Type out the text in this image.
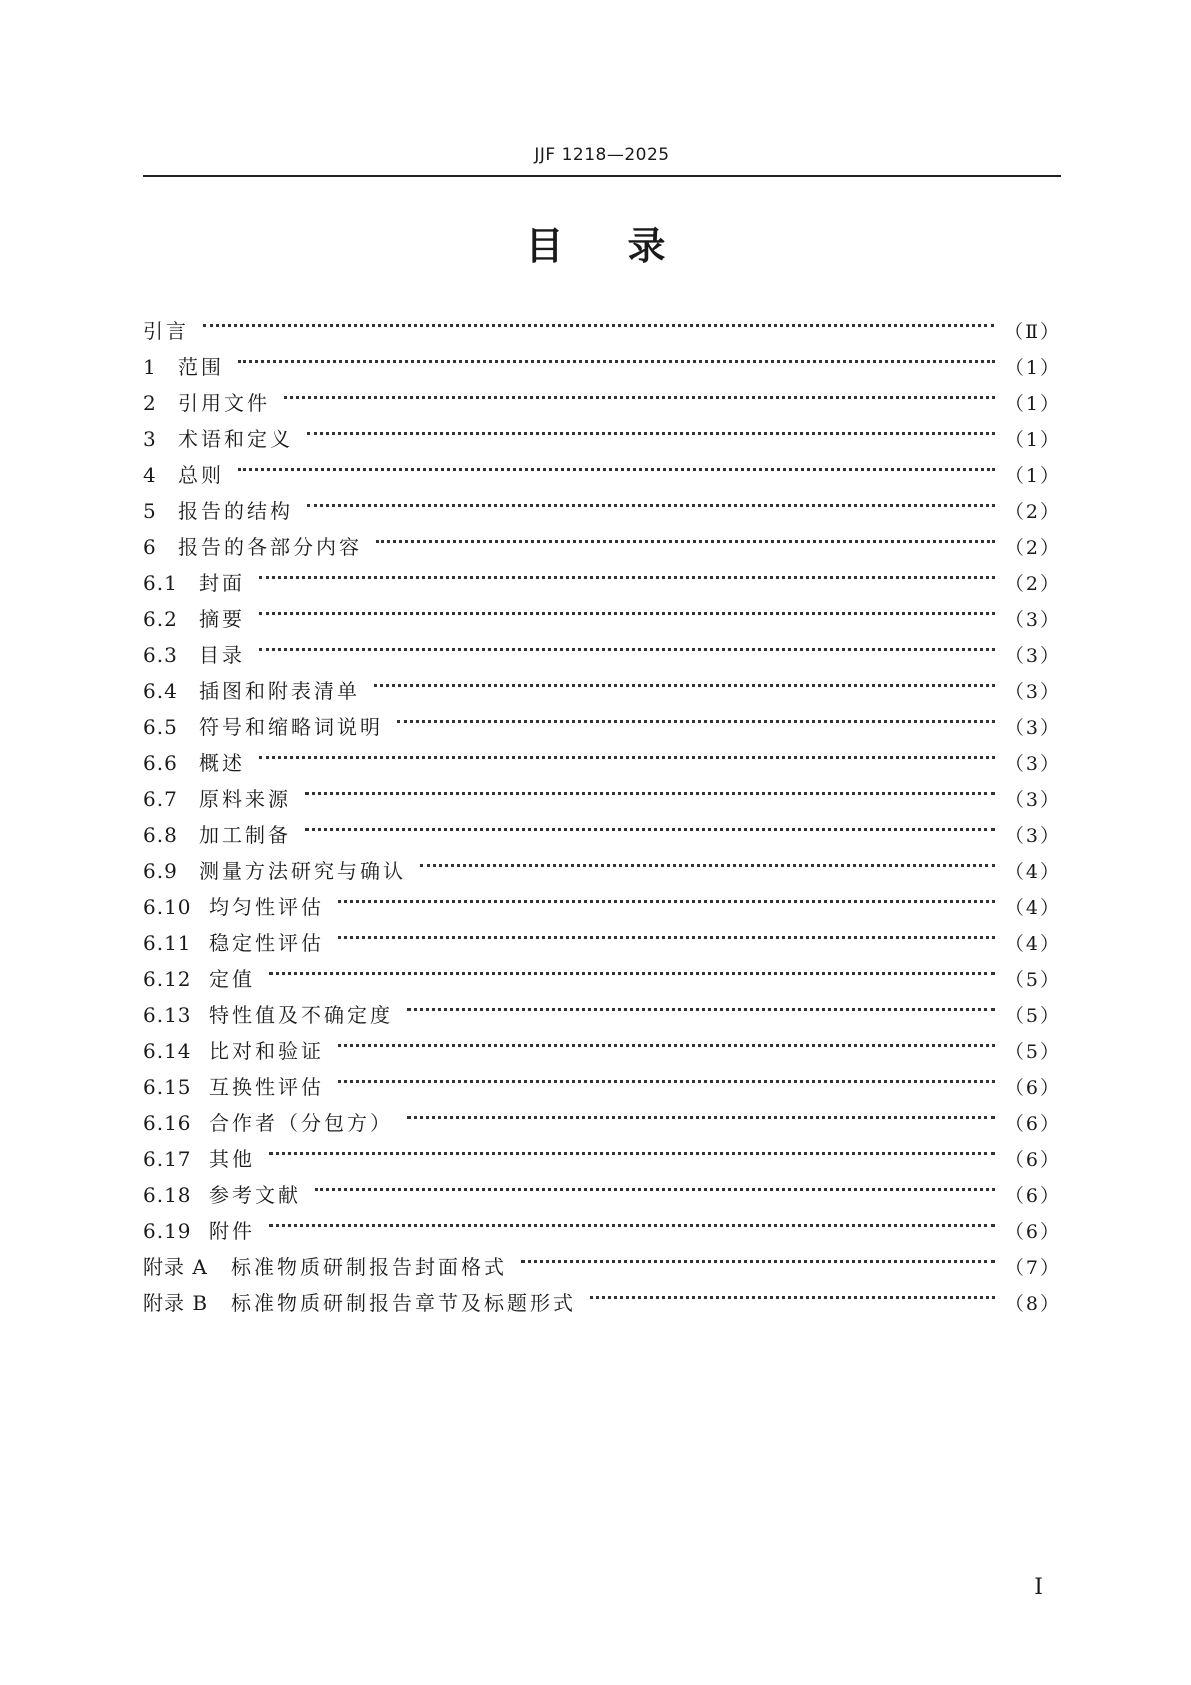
JJF 1218—2025
目录
引言	（Ⅱ）
1	范围	（1）
2	引用文件	（1）
3	术语和定义	（1）
4	总则	（1）
5	报告的结构	（2）
6	报告的各部分内容	（2）
6.1	封面	（2）
6.2	摘要	（3）
6.3	目录	（3）
6.4	插图和附表清单	（3）
6.5	符号和缩略词说明	（3）
6.6	概述	（3）
6.7	原料来源	（3）
6.8	加工制备	（3）
6.9	测量方法研究与确认	（4）
6.10 均匀性评估	（4）
6.11 稳定性评估	（4）
6.12 定值	（5）
6.13 特性值及不确定度	（5）
6.14 比对和验证	（5）
6.15 互换性评估	（6）
6.16 合作者（分包方）	（6）
6.17 其他	（6）
6.18 参考文献	（6）
6.19 附件	（6）
附录 A	标准物质研制报告封面格式	（7）
附录 B	标准物质研制报告章节及标题形式	（8）
Ⅰ
